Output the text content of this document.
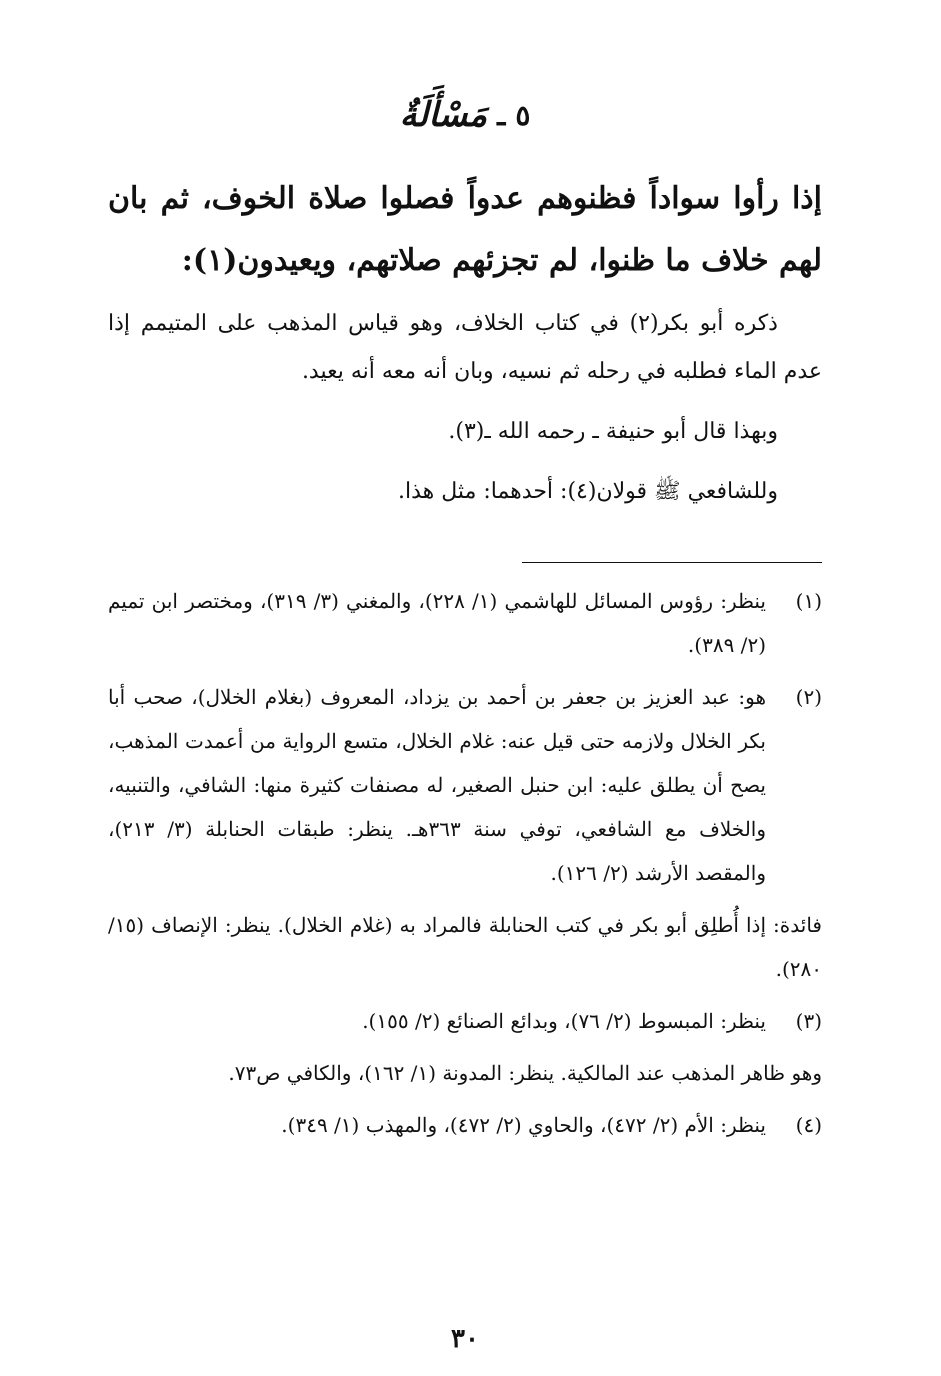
٥
ـ
مَسْأَلَةٌ
إذا رأوا سواداً فظنوهم عدواً فصلوا صلاة الخوف، ثم بان لهم خلاف ما ظنوا، لم تجزئهم صلاتهم، ويعيدون(١):
ذكره أبو بكر(٢) في كتاب الخلاف، وهو قياس المذهب على المتيمم إذا عدم الماء فطلبه في رحله ثم نسيه، وبان أنه معه أنه يعيد.
وبهذا قال أبو حنيفة ـ رحمه الله ـ(٣).
وللشافعي ﷺ قولان(٤): أحدهما: مثل هذا.
(١)
ينظر: رؤوس المسائل للهاشمي (١/ ٢٢٨)، والمغني (٣/ ٣١٩)، ومختصر ابن تميم (٢/ ٣٨٩).
(٢)
هو: عبد العزيز بن جعفر بن أحمد بن يزداد، المعروف (بغلام الخلال)، صحب أبا بكر الخلال ولازمه حتى قيل عنه: غلام الخلال، متسع الرواية من أعمدت المذهب، يصح أن يطلق عليه: ابن حنبل الصغير، له مصنفات كثيرة منها: الشافي، والتنبيه، والخلاف مع الشافعي، توفي سنة ٣٦٣هـ. ينظر: طبقات الحنابلة (٣/ ٢١٣)، والمقصد الأرشد (٢/ ١٢٦).
فائدة: إذا أُطلِق أبو بكر في كتب الحنابلة فالمراد به (غلام الخلال). ينظر: الإنصاف (١٥/ ٢٨٠).
(٣)
ينظر: المبسوط (٢/ ٧٦)، وبدائع الصنائع (٢/ ١٥٥).
وهو ظاهر المذهب عند المالكية. ينظر: المدونة (١/ ١٦٢)، والكافي ص٧٣.
(٤)
ينظر: الأم (٢/ ٤٧٢)، والحاوي (٢/ ٤٧٢)، والمهذب (١/ ٣٤٩).
٣٠
